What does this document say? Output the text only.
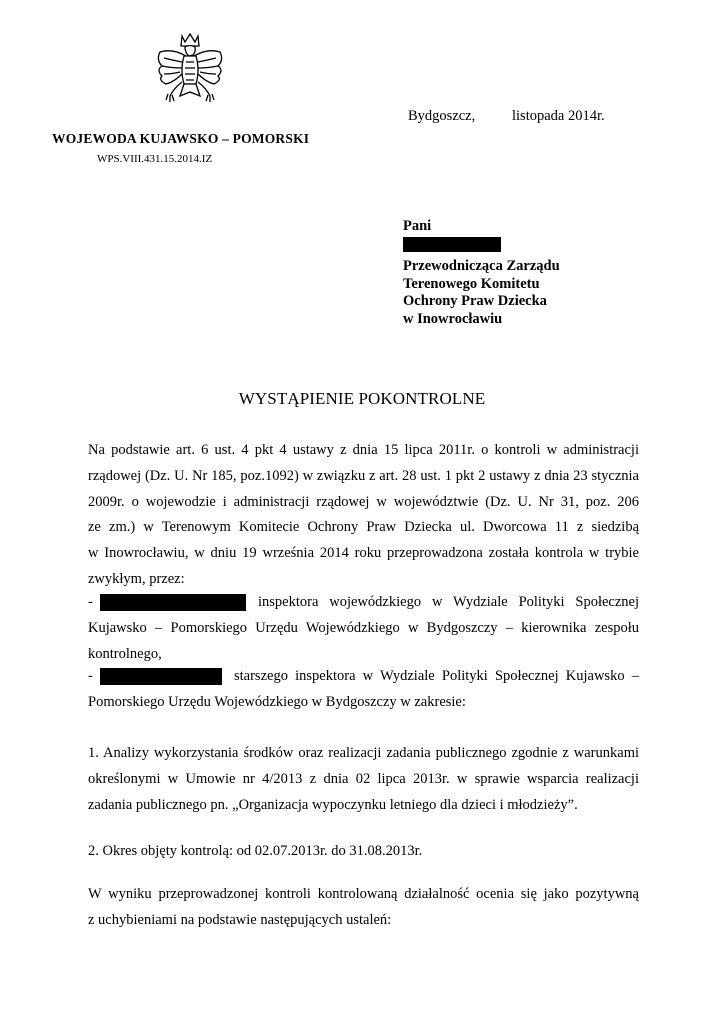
WOJEWODA KUJAWSKO – POMORSKI
WPS.VIII.431.15.2014.IZ
Bydgoszcz,	listopada 2014r.
Pani
Przewodnicząca Zarządu
Terenowego Komitetu
Ochrony Praw Dziecka
w Inowrocławiu
WYSTĄPIENIE POKONTROLNE
Na podstawie art. 6 ust. 4 pkt 4 ustawy z dnia 15 lipca 2011r. o kontroli w administracji
rządowej (Dz. U. Nr 185, poz.1092) w związku z art. 28 ust. 1 pkt 2 ustawy z dnia 23 stycznia
2009r. o wojewodzie i administracji rządowej w województwie (Dz. U. Nr 31, poz. 206
ze zm.) w Terenowym Komitecie Ochrony Praw Dziecka ul. Dworcowa 11 z siedzibą
w Inowrocławiu, w dniu 19 września 2014 roku przeprowadzona została kontrola w trybie
zwykłym, przez:
-	inspektora wojewódzkiego w Wydziale Polityki Społecznej
Kujawsko – Pomorskiego Urzędu Wojewódzkiego w Bydgoszczy – kierownika zespołu
kontrolnego,
-	starszego inspektora w Wydziale Polityki Społecznej Kujawsko –
Pomorskiego Urzędu Wojewódzkiego w Bydgoszczy w zakresie:
1. Analizy wykorzystania środków oraz realizacji zadania publicznego zgodnie z warunkami
określonymi w Umowie nr 4/2013 z dnia 02 lipca 2013r. w sprawie wsparcia realizacji
zadania publicznego pn. „Organizacja wypoczynku letniego dla dzieci i młodzieży”.
2. Okres objęty kontrolą: od 02.07.2013r. do 31.08.2013r.
W wyniku przeprowadzonej kontroli kontrolowaną działalność ocenia się jako pozytywną
z uchybieniami na podstawie następujących ustaleń:
